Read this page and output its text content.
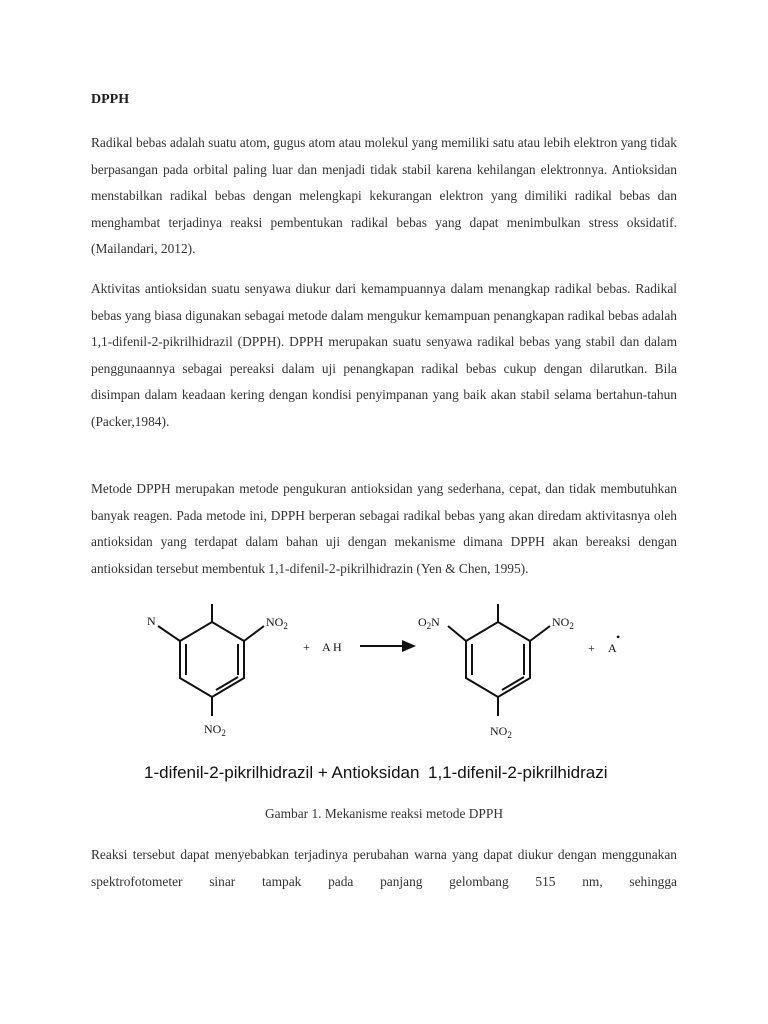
DPPH

Radikal bebas adalah suatu atom, gugus atom atau molekul yang memiliki satu atau lebih elektron yang tidak berpasangan pada orbital paling luar dan menjadi tidak stabil karena kehilangan elektronnya. Antioksidan menstabilkan radikal bebas dengan melengkapi kekurangan elektron yang dimiliki radikal bebas dan menghambat terjadinya reaksi pembentukan radikal bebas yang dapat menimbulkan stress oksidatif. (Mailandari, 2012).

Aktivitas antioksidan suatu senyawa diukur dari kemampuannya dalam menangkap radikal bebas. Radikal bebas yang biasa digunakan sebagai metode dalam mengukur kemampuan penangkapan radikal bebas adalah 1,1-difenil-2-pikrilhidrazil (DPPH). DPPH merupakan suatu senyawa radikal bebas yang stabil dan dalam penggunaannya sebagai pereaksi dalam uji penangkapan radikal bebas cukup dengan dilarutkan. Bila disimpan dalam keadaan kering dengan kondisi penyimpanan yang baik akan stabil selama bertahun-tahun (Packer,1984).

Metode DPPH merupakan metode pengukuran antioksidan yang sederhana, cepat, dan tidak membutuhkan banyak reagen. Pada metode ini, DPPH berperan sebagai radikal bebas yang akan diredam aktivitasnya oleh antioksidan yang terdapat dalam bahan uji dengan mekanisme dimana DPPH akan bereaksi dengan antioksidan tersebut membentuk 1,1-difenil-2-pikrilhidrazin (Yen & Chen, 1995).

N	$NO_2$
$NO_2$
+ A H
$O_2N$	$NO_2$
$NO_2$
+ A
•
1-difenil-2-pikrilhidrazil + Antioksidan 1,1-difenil-2-pikrilhidrazi

Gambar 1. Mekanisme reaksi metode DPPH

Reaksi tersebut dapat menyebabkan terjadinya perubahan warna yang dapat diukur dengan menggunakan spektrofotometer sinar tampak pada panjang gelombang 515 nm, sehingga
